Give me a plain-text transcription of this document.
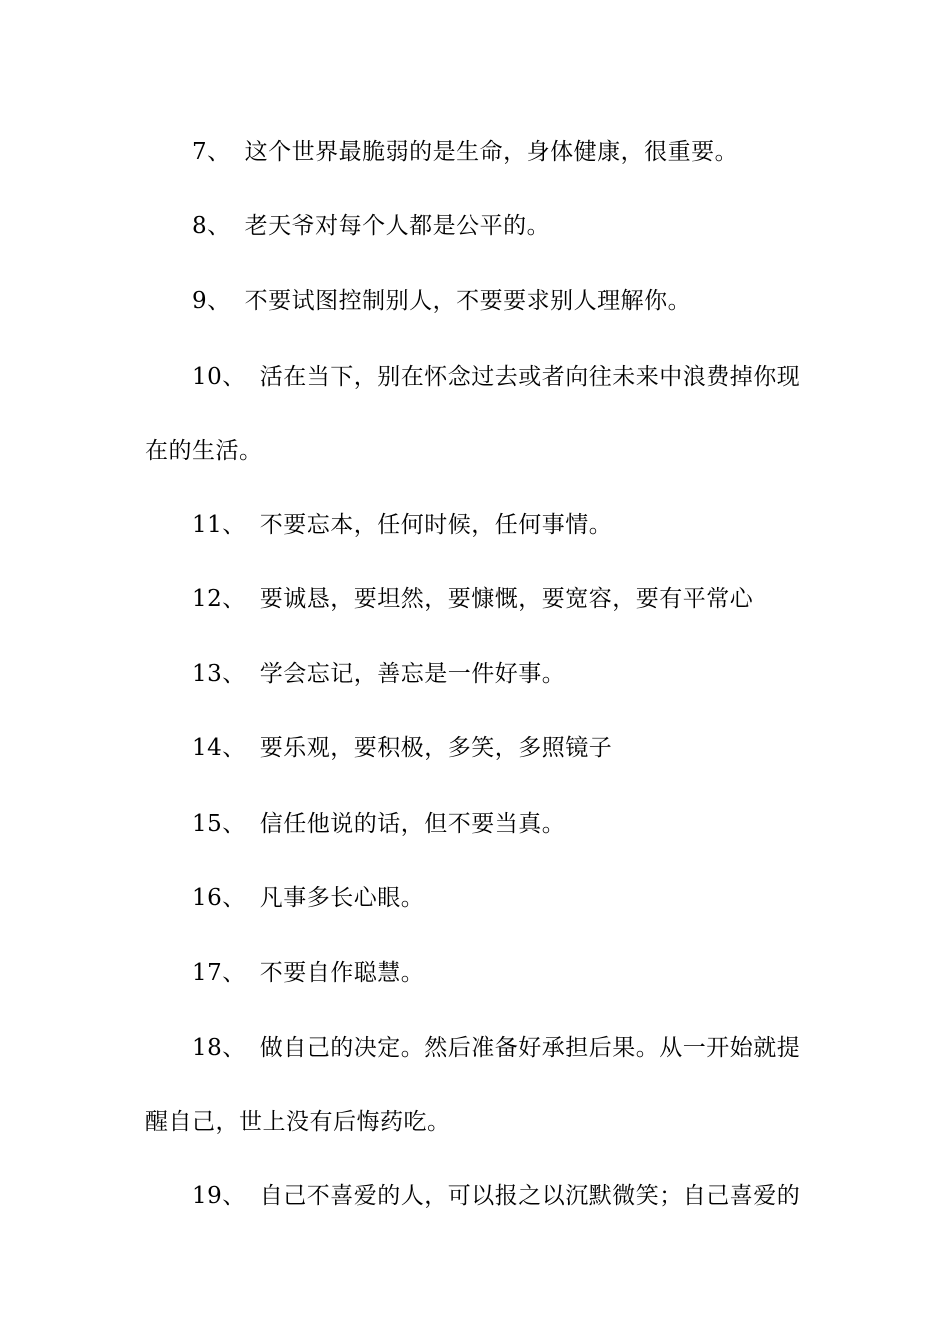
7、 这个世界最脆弱的是生命，身体健康，很重要。
8、 老天爷对每个人都是公平的。
9、 不要试图控制别人，不要要求别人理解你。
10、 活在当下，别在怀念过去或者向往未来中浪费掉你现
在的生活。
11、 不要忘本，任何时候，任何事情。
12、 要诚恳，要坦然，要慷慨，要宽容，要有平常心
13、 学会忘记，善忘是一件好事。
14、 要乐观，要积极，多笑，多照镜子
15、 信任他说的话，但不要当真。
16、 凡事多长心眼。
17、 不要自作聪慧。
18、 做自己的决定。然后准备好承担后果。从一开始就提
醒自己，世上没有后悔药吃。
19、 自己不喜爱的人，可以报之以沉默微笑；自己喜爱的
